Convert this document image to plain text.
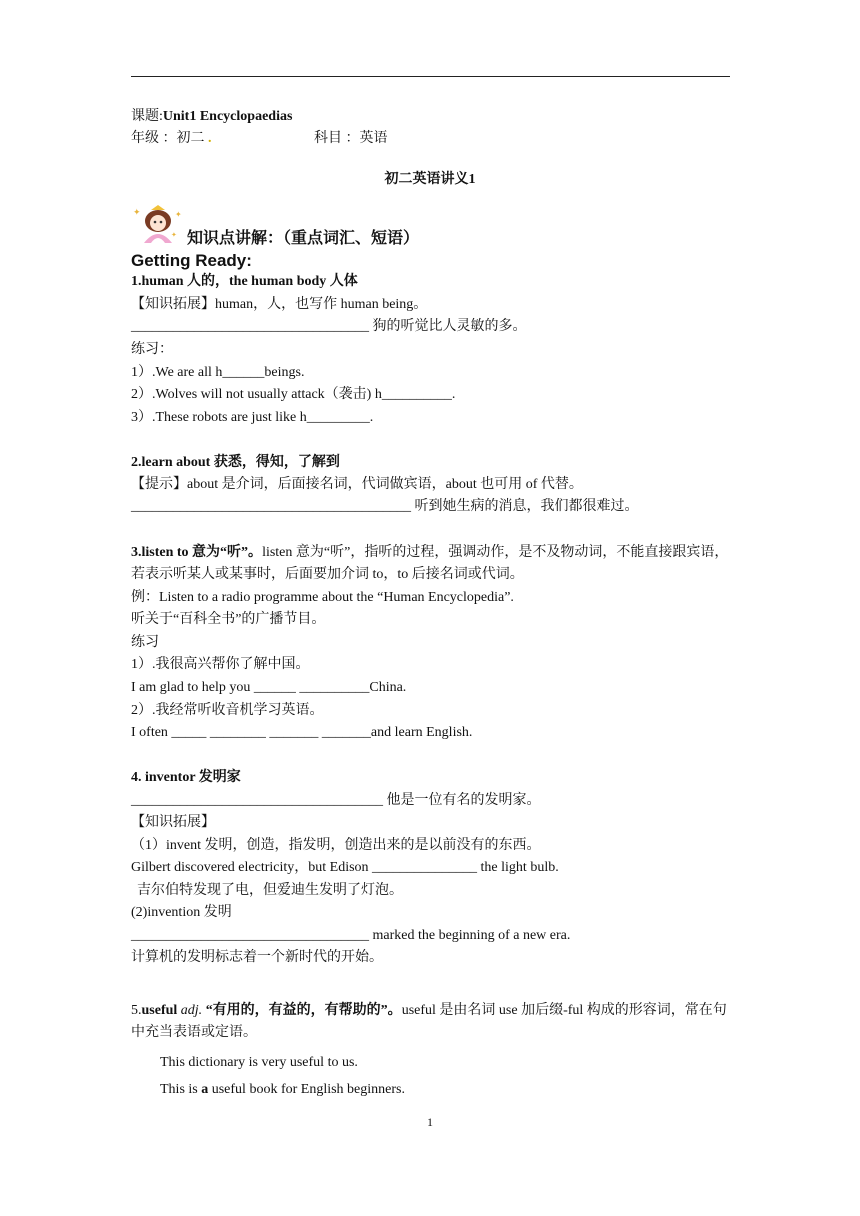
课题:Unit1 Encyclopaedias
年级 ：初二 .	科目 ：英语
初二英语讲义1
✦	✦
✦ 知识点讲解：（重点词汇、短语）
Getting Ready:
1.human 人的，the human body 人体
【知识拓展】human，人，也写作 human being。
__________________________________ 狗的听觉比人灵敏的多。
练习：
1）.We are all h______beings.
2）.Wolves will not usually attack（袭击) h__________.
3）.These robots are just like h_________.
2.learn about 获悉，得知，了解到
【提示】about 是介词，后面接名词，代词做宾语，about 也可用 of 代替。
________________________________________ 听到她生病的消息，我们都很难过。
3.listen to 意为“听”。listen 意为“听”，指听的过程，强调动作，是不及物动词，不能直接跟宾语，若表示听某人或某事时，后面要加介词 to，to 后接名词或代词。
例：Listen to a radio programme about the “Human Encyclopedia”.
听关于“百科全书”的广播节目。
练习
1）.我很高兴帮你了解中国。
I am glad to help you ______ __________China.
2）.我经常听收音机学习英语。
I often _____ ________ _______ _______and learn English.
4. inventor 发明家
____________________________________ 他是一位有名的发明家。
【知识拓展】
（1）invent 发明，创造，指发明，创造出来的是以前没有的东西。
Gilbert discovered electricity，but Edison _______________ the light bulb.
吉尔伯特发现了电，但爱迪生发明了灯泡。
(2)invention 发明
__________________________________ marked the beginning of a new era.
计算机的发明标志着一个新时代的开始。
5.useful adj. “有用的，有益的，有帮助的”。useful 是由名词 use 加后缀-ful 构成的形容词，常在句中充当表语或定语。
This dictionary is very useful to us.
This is a useful book for English beginners.
1
